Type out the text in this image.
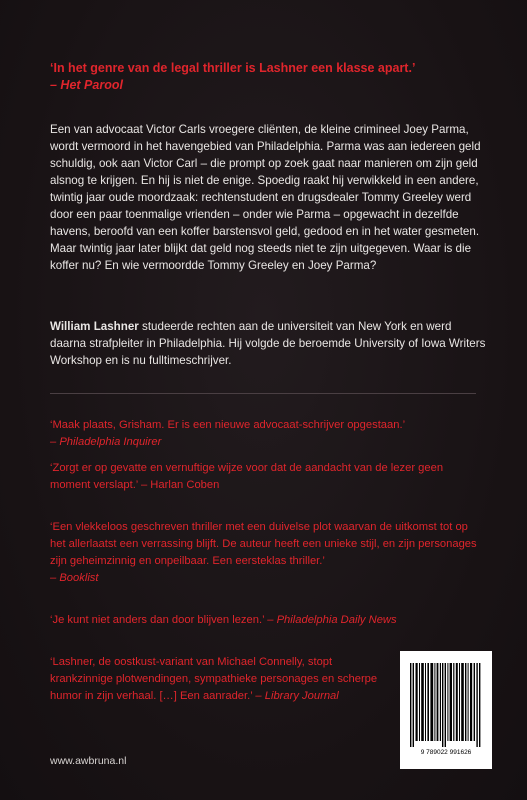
‘In het genre van de legal thriller is Lashner een klasse apart.’
– Het Parool
Een van advocaat Victor Carls vroegere cliënten, de kleine crimineel Joey Parma, wordt vermoord in het havengebied van Philadelphia. Parma was aan iedereen geld schuldig, ook aan Victor Carl – die prompt op zoek gaat naar manieren om zijn geld alsnog te krijgen. En hij is niet de enige. Spoedig raakt hij verwikkeld in een andere, twintig jaar oude moordzaak: rechtenstudent en drugsdealer Tommy Greeley werd door een paar toenmalige vrienden – onder wie Parma – opgewacht in dezelfde havens, beroofd van een koffer barstensvol geld, gedood en in het water gesmeten. Maar twintig jaar later blijkt dat geld nog steeds niet te zijn uitgegeven. Waar is die koffer nu? En wie vermoordde Tommy Greeley en Joey Parma?
William Lashner studeerde rechten aan de universiteit van New York en werd daarna strafpleiter in Philadelphia. Hij volgde de beroemde University of Iowa Writers Workshop en is nu fulltimeschrijver.
‘Maak plaats, Grisham. Er is een nieuwe advocaat-schrijver opgestaan.’
– Philadelphia Inquirer
‘Zorgt er op gevatte en vernuftige wijze voor dat de aandacht van de lezer geen moment verslapt.’ – Harlan Coben
‘Een vlekkeloos geschreven thriller met een duivelse plot waarvan de uitkomst tot op het allerlaatst een verrassing blijft. De auteur heeft een unieke stijl, en zijn personages zijn geheimzinnig en onpeilbaar. Een eersteklas thriller.’
– Booklist
‘Je kunt niet anders dan door blijven lezen.’ – Philadelphia Daily News
‘Lashner, de oostkust-variant van Michael Connelly, stopt krankzinnige plotwendingen, sympathieke personages en scherpe humor in zijn verhaal. […] Een aanrader.’ – Library Journal
www.awbruna.nl
9 789022 991626
